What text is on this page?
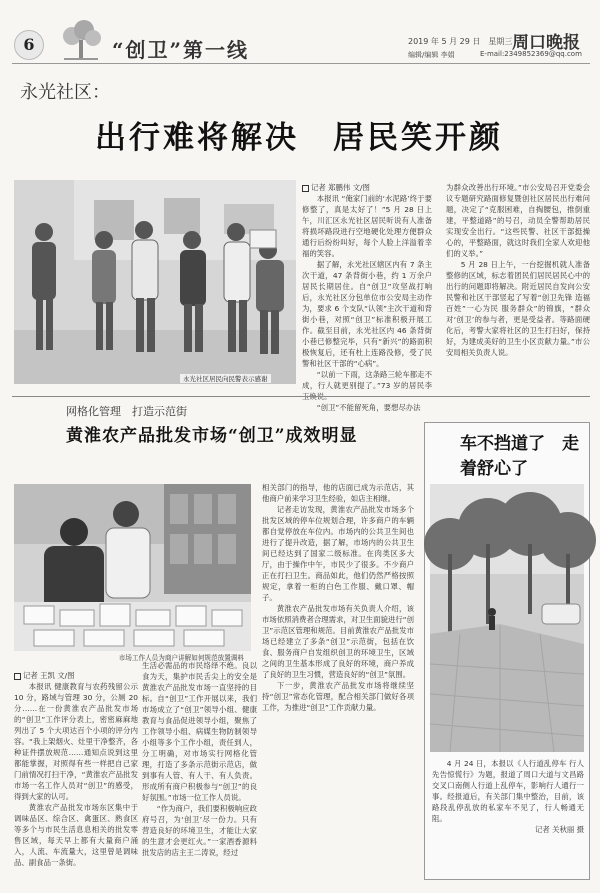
6	“创卫”第一线	2019 年 5 月 29 日　星期三 周口晚报
编辑/编辑 李娟	E-mail:2349852369@qq.com
永光社区：
出行难将解决　居民笑开颜
永光社区居民向民警表示感谢
记者 郑鹏伟 文/图

本报讯 “俺家门前的‘水泥路’终于要修整了，真是太好了！”5 月 28 日上午，川汇区永光社区居民听说有人准备将损坏路段进行空地硬化处理方便群众通行后纷纷叫好，每个人脸上洋溢着幸福的笑容。

据了解，永光社区辖区内有 7 条主次干道，47 条背街小巷，约 1 万余户居民长期居住。自“创卫”攻坚战打响后，永光社区分包单位市公安局主动作为，要求 6 个支队“认领”主次干道和背街小巷，对照“创卫”标准积极开展工作。截至目前，永光社区内 46 条背街小巷已修整完毕，只有“新兴”的路面积极恢复后，还有杜上连路没修，受了民警和社区干部的“心病”。

“以前一下雨，这条路三轮车都走不成，行人就更别提了。”73 岁的居民李

“创卫”不能留死角，要想尽办法

为群众改善出行环境。”市公安局召开党委会议专题研究路面修复暨创社区居民出行难问题，决定了“克服困难，自掏腰包，推倒重建，平整道路”的号召，动员全警帮助居民实现安全出行。“这些民警、社区干部挺操心的，平整路面，就这时我们全家人欢迎他们的义举。”

5 月 28 日上午，一台挖掘机就人准备整修的区域，标志着团民们居民居民心中的出行的问题即将解决。附近居民自发向公安民警和社区干部竖起了写着“创卫先锋 造福百姓”一心为民 服务群众”的锦旗，“群众对‘创卫’的参与者，更是受益者。等路面硬化后，考警大家将社区的卫生打扫好，保持好，为建成美好的卫生小区贡献力量。”市公安局相关负责人说。

网格化管理　打造示范街
黄淮农产品批发市场“创卫”成效明显
市场工作人员为商户讲解如何规范放置调料
记者 王凯 文/图

本报讯 健康教育与农药残留公示 10 分，路域与管理 30 分，公厕 20 分……在一份黄淮农产品批发市场的“创卫”工作评分表上，密密麻麻地列出了 5 个大项达百个小项的评分内容。“我上架烟火、灶里干净整齐，各种证件摆放规范……通知点说到这里都能掌握，对照得有些一样把自己家门前情况打扫干净，“黄淮农产品批发市场一名工作人员对“创卫”的感受，得到大家的认可。

黄淮农产品批发市场东区集中于调味品区、综合区、禽蛋区、熟食区等多个与市民生活息息相关的批发零售区域，每天早上都有大量商户涌入，人流、车流量大，这里曾是调味品、副食品一条街。

生活必需品的市民络绎不绝。良以食为天，集护市民舌尖上的安全是黄淮农产品批发市场一直坚持的目标。自“创卫”工作开展以来，我们市场成立了“创卫”领导小组、健康教育与食品促进领导小组，聚焦了工作领导小组、病媒生物防制领导小组等多个工作小组，责任到人，分工明确，对市场实行网格化管理，打造了多条示范街示范店，做到事有人管、有人干、有人负责。形成所有商户积极参与“创卫”的良好氛围。”市场一位工作人员说。

“作为商户，我们要积极响应政府号召，为‘创卫’尽一份力。只有营造良好的环境卫生，才能让大家的生意才会更红火。”一家酒香源料批发店的店主王二涛说，经过

相关部门的指导，他的店面已成为示范店，其他商户前来学习卫生经验，如店主相继。

记者走访发现，黄淮农产品批发市场多个批发区域的停车位规划合理，许多商户的车辆都自觉停放在车位内。市场内的公共卫生间也进行了提升改造，据了解，市场内的公共卫生间已经达到了国家二级标准。在肉类区多大厅，由于操作中午，市民少了很多。不少商户正在打扫卫生。商品如此，他们仍然严格按照规定，拿着一柜的白色工作服、戴口罩、帽子。

黄淮农产品批发市场有关负责人介绍，该市场依照消费者合理需求，对卫生面貌进行“创卫”示范区管理和规范。目前黄淮农产品批发市场已经建立了多条“创卫”示范街，包括在饮食、服务商户自发组织创卫的环境卫生，区域之间的卫生基本形成了良好的环境，商户养成了良好的卫生习惯，营造良好的“创卫”氛围。

下一步，黄淮农产品批发市场将继续坚持“创卫”常态化管理，配合相关部门做好各项工作，为推进“创卫”工作贡献力量。

车不挡道了　走着舒心了

4 月 24 日，本报以《人行道乱停车 行人先告惊慌行》为题，报道了周口大道与文昌路交叉口南侧人行道上乱停车，影响行人通行一事。经报道后，有关部门集中整治，目前，该路段乱停乱放的私家车不见了，行人畅通无阻。

记者 关秋丽 摄
